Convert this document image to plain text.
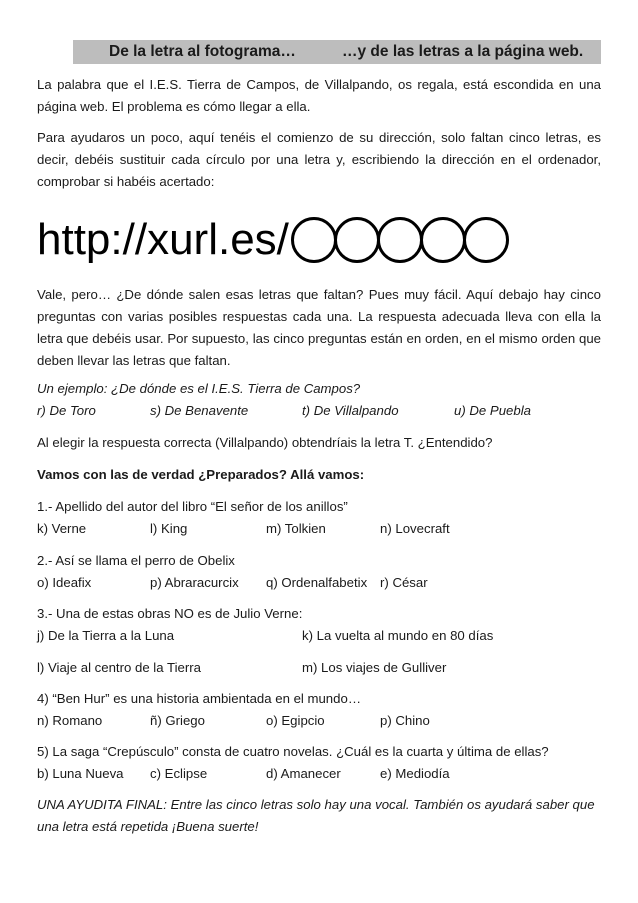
De la letra al fotograma…	…y de las letras a la página web.
La palabra que el I.E.S. Tierra de Campos, de Villalpando, os regala, está escondida en una página web. El problema es cómo llegar a ella.
Para ayudaros un poco, aquí tenéis el comienzo de su dirección, solo faltan cinco letras, es decir, debéis sustituir cada círculo por una letra y, escribiendo la dirección en el ordenador, comprobar si habéis acertado:
http://xurl.es/
Vale, pero… ¿De dónde salen esas letras que faltan? Pues muy fácil. Aquí debajo hay cinco preguntas con varias posibles respuestas cada una. La respuesta adecuada lleva con ella la letra que debéis usar. Por supuesto, las cinco preguntas están en orden, en el mismo orden que deben llevar las letras que faltan.
Un ejemplo: ¿De dónde es el I.E.S. Tierra de Campos?
r) De Toro	s) De Benavente	t) De Villalpando	u) De Puebla
Al elegir la respuesta correcta (Villalpando) obtendríais la letra T. ¿Entendido?
Vamos con las de verdad ¿Preparados? Allá vamos:
1.- Apellido del autor del libro “El señor de los anillos”
k) Verne	l) King	m) Tolkien	n) Lovecraft
2.- Así se llama el perro de Obelix
o) Ideafix	p) Abraracurcix q) Ordenalfabetix r) César
3.- Una de estas obras NO es de Julio Verne:
j) De la Tierra a la Luna	k) La vuelta al mundo en 80 días
l) Viaje al centro de la Tierra	m) Los viajes de Gulliver
4) “Ben Hur” es una historia ambientada en el mundo…
n) Romano	ñ) Griego	o) Egipcio	p) Chino
5) La saga “Crepúsculo” consta de cuatro novelas. ¿Cuál es la cuarta y última de ellas?
b) Luna Nueva c) Eclipse	d) Amanecer	e) Mediodía
UNA AYUDITA FINAL: Entre las cinco letras solo hay una vocal. También os ayudará saber que una letra está repetida ¡Buena suerte!
